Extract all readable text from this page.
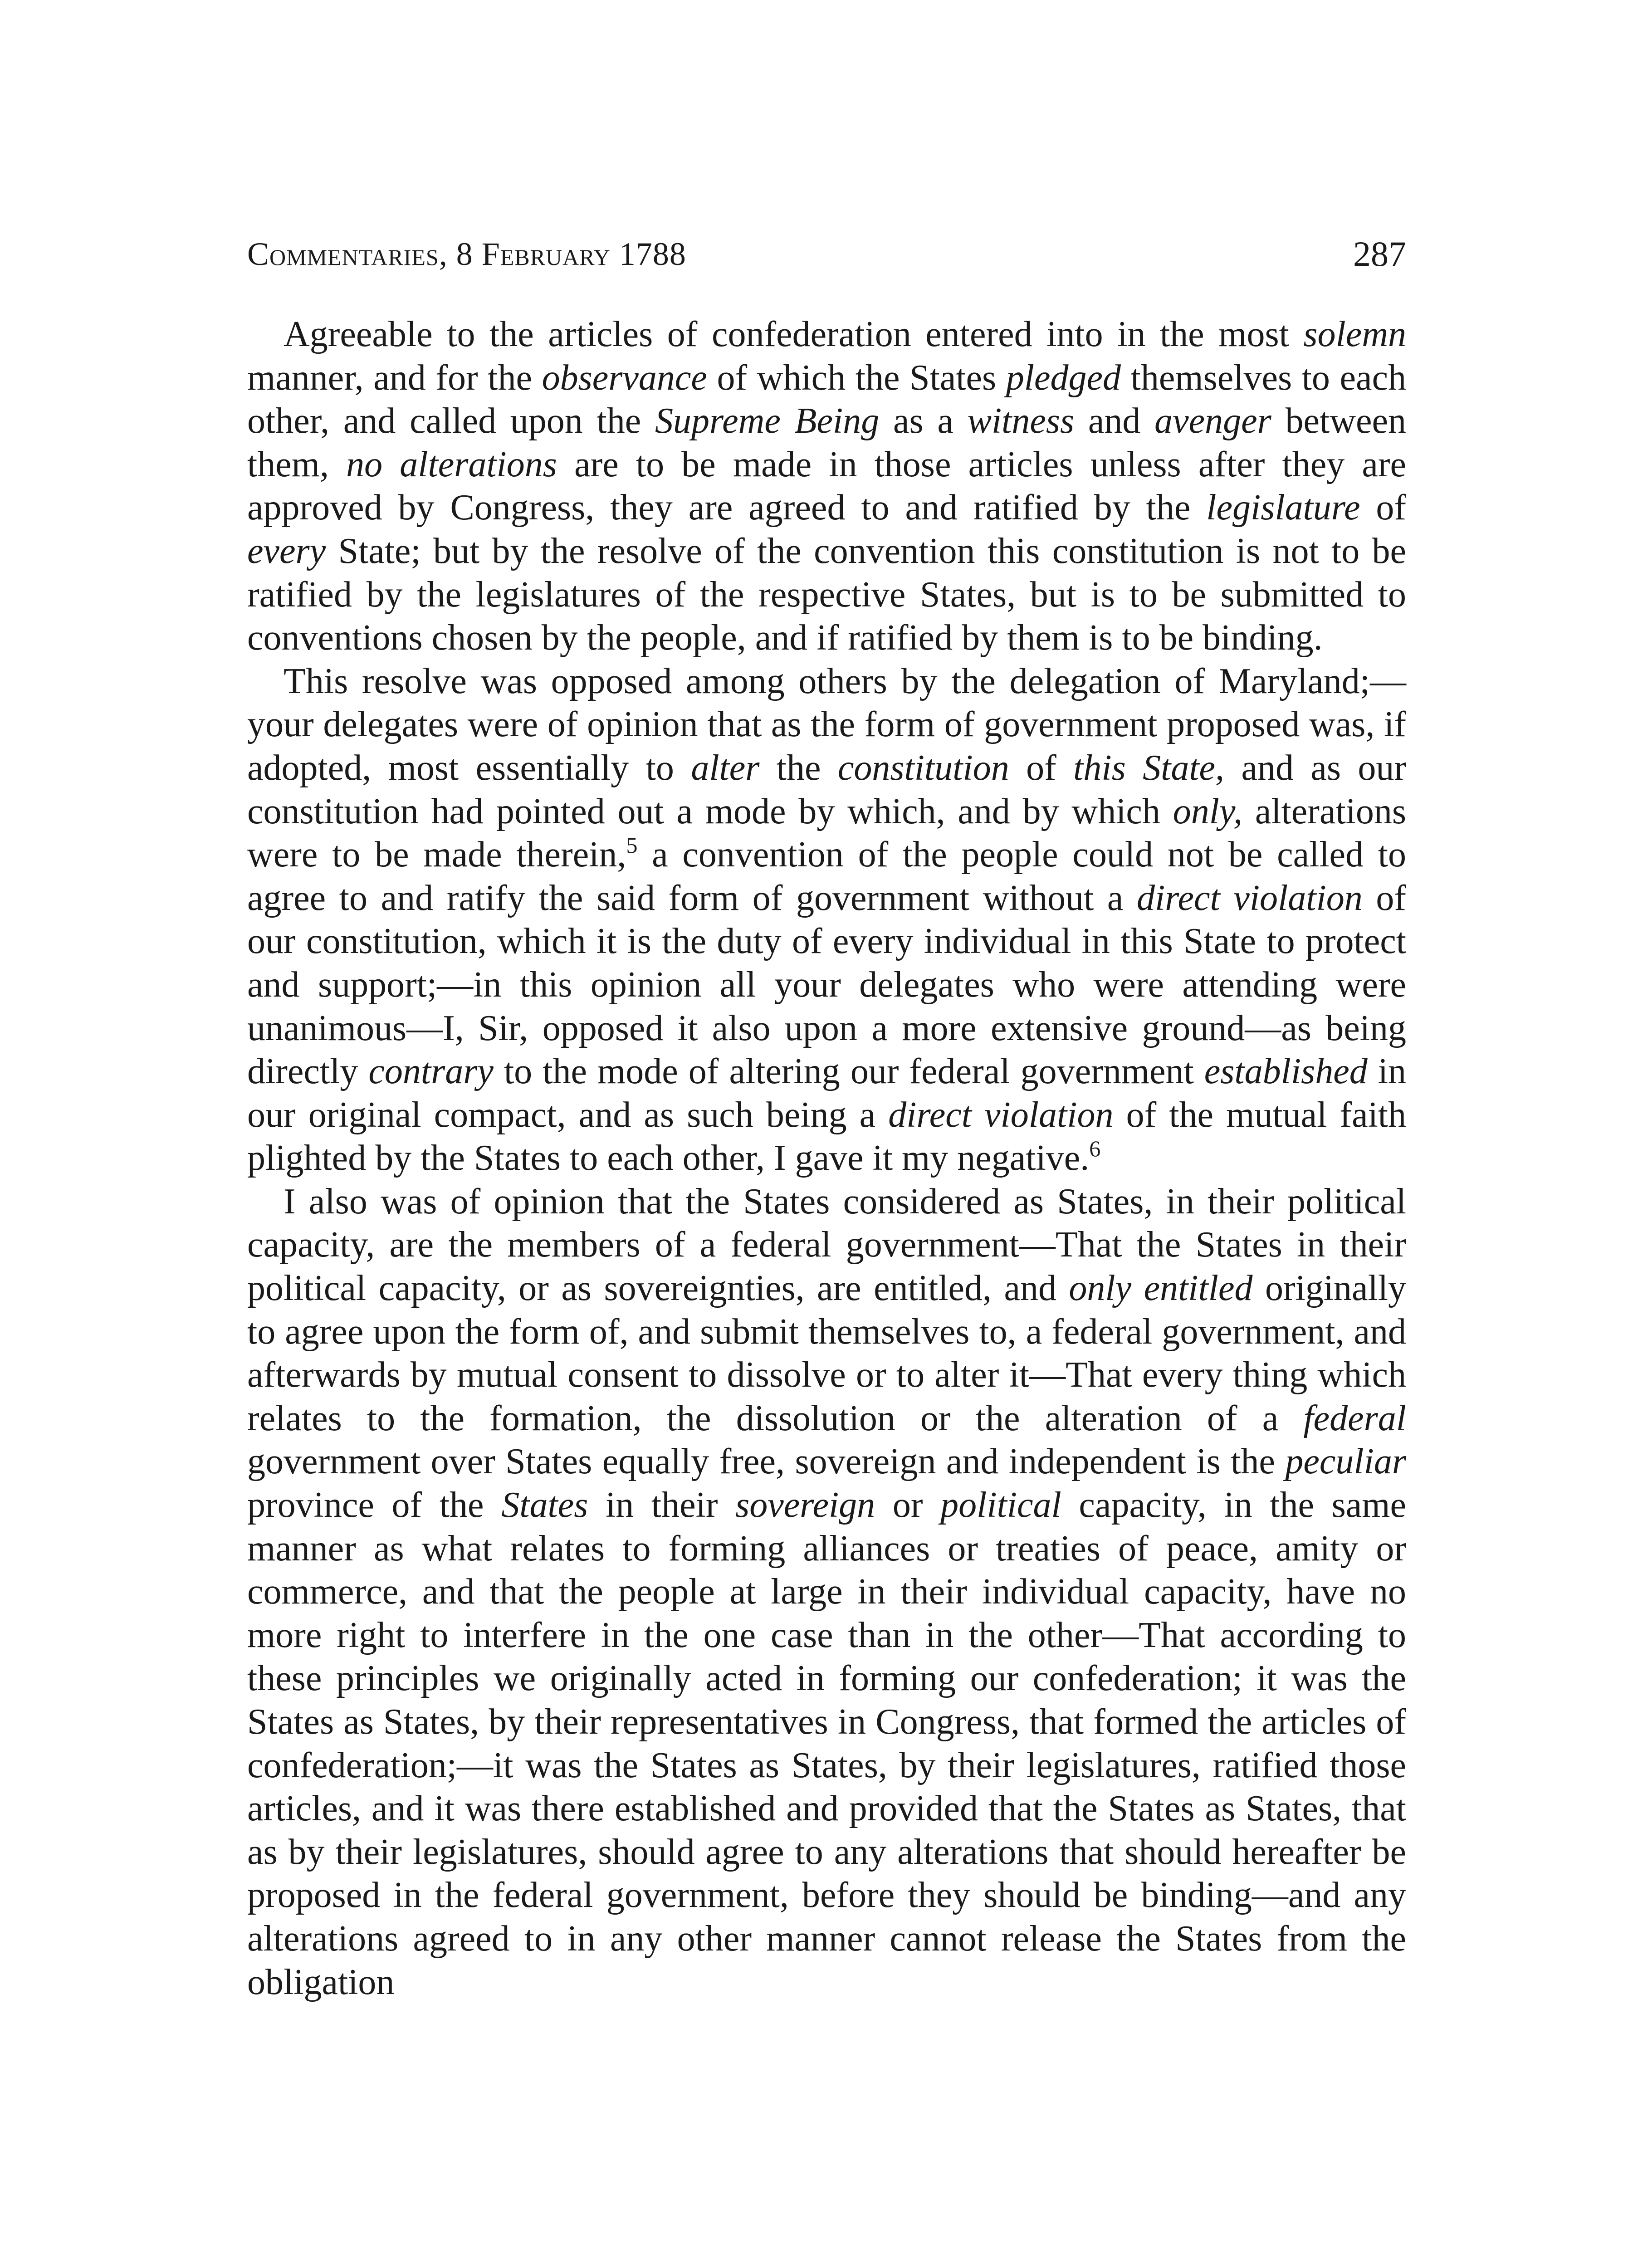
Commentaries, 8 February 1788	287

Agreeable to the articles of confederation entered into in the most solemn manner, and for the observance of which the States pledged themselves to each other, and called upon the Supreme Being as a witness and avenger between them, no alterations are to be made in those articles unless after they are approved by Congress, they are agreed to and ratified by the legislature of every State; but by the resolve of the convention this constitution is not to be ratified by the legislatures of the respective States, but is to be submitted to conventions chosen by the people, and if ratified by them is to be binding.

This resolve was opposed among others by the delegation of Maryland;—your delegates were of opinion that as the form of government proposed was, if adopted, most essentially to alter the constitution of this State, and as our constitution had pointed out a mode by which, and by which only, alterations were to be made therein,$^5$ a convention of the people could not be called to agree to and ratify the said form of government without a direct violation of our constitution, which it is the duty of every individual in this State to protect and support;—in this opinion all your delegates who were attending were unanimous—I, Sir, opposed it also upon a more extensive ground—as being directly contrary to the mode of altering our federal government established in our original compact, and as such being a direct violation of the mutual faith plighted by the States to each other, I gave it my negative.$^6$

I also was of opinion that the States considered as States, in their political capacity, are the members of a federal government—That the States in their political capacity, or as sovereignties, are entitled, and only entitled originally to agree upon the form of, and submit themselves to, a federal government, and afterwards by mutual consent to dissolve or to alter it—That every thing which relates to the formation, the dissolution or the alteration of a federal government over States equally free, sovereign and independent is the peculiar province of the States in their sovereign or political capacity, in the same manner as what relates to forming alliances or treaties of peace, amity or commerce, and that the people at large in their individual capacity, have no more right to interfere in the one case than in the other—That according to these principles we originally acted in forming our confederation; it was the States as States, by their representatives in Congress, that formed the articles of confederation;—it was the States as States, by their legislatures, ratified those articles, and it was there established and provided that the States as States, that as by their legislatures, should agree to any alterations that should hereafter be proposed in the federal government, before they should be binding—and any alterations agreed to in any other manner cannot release the States from the obligation
